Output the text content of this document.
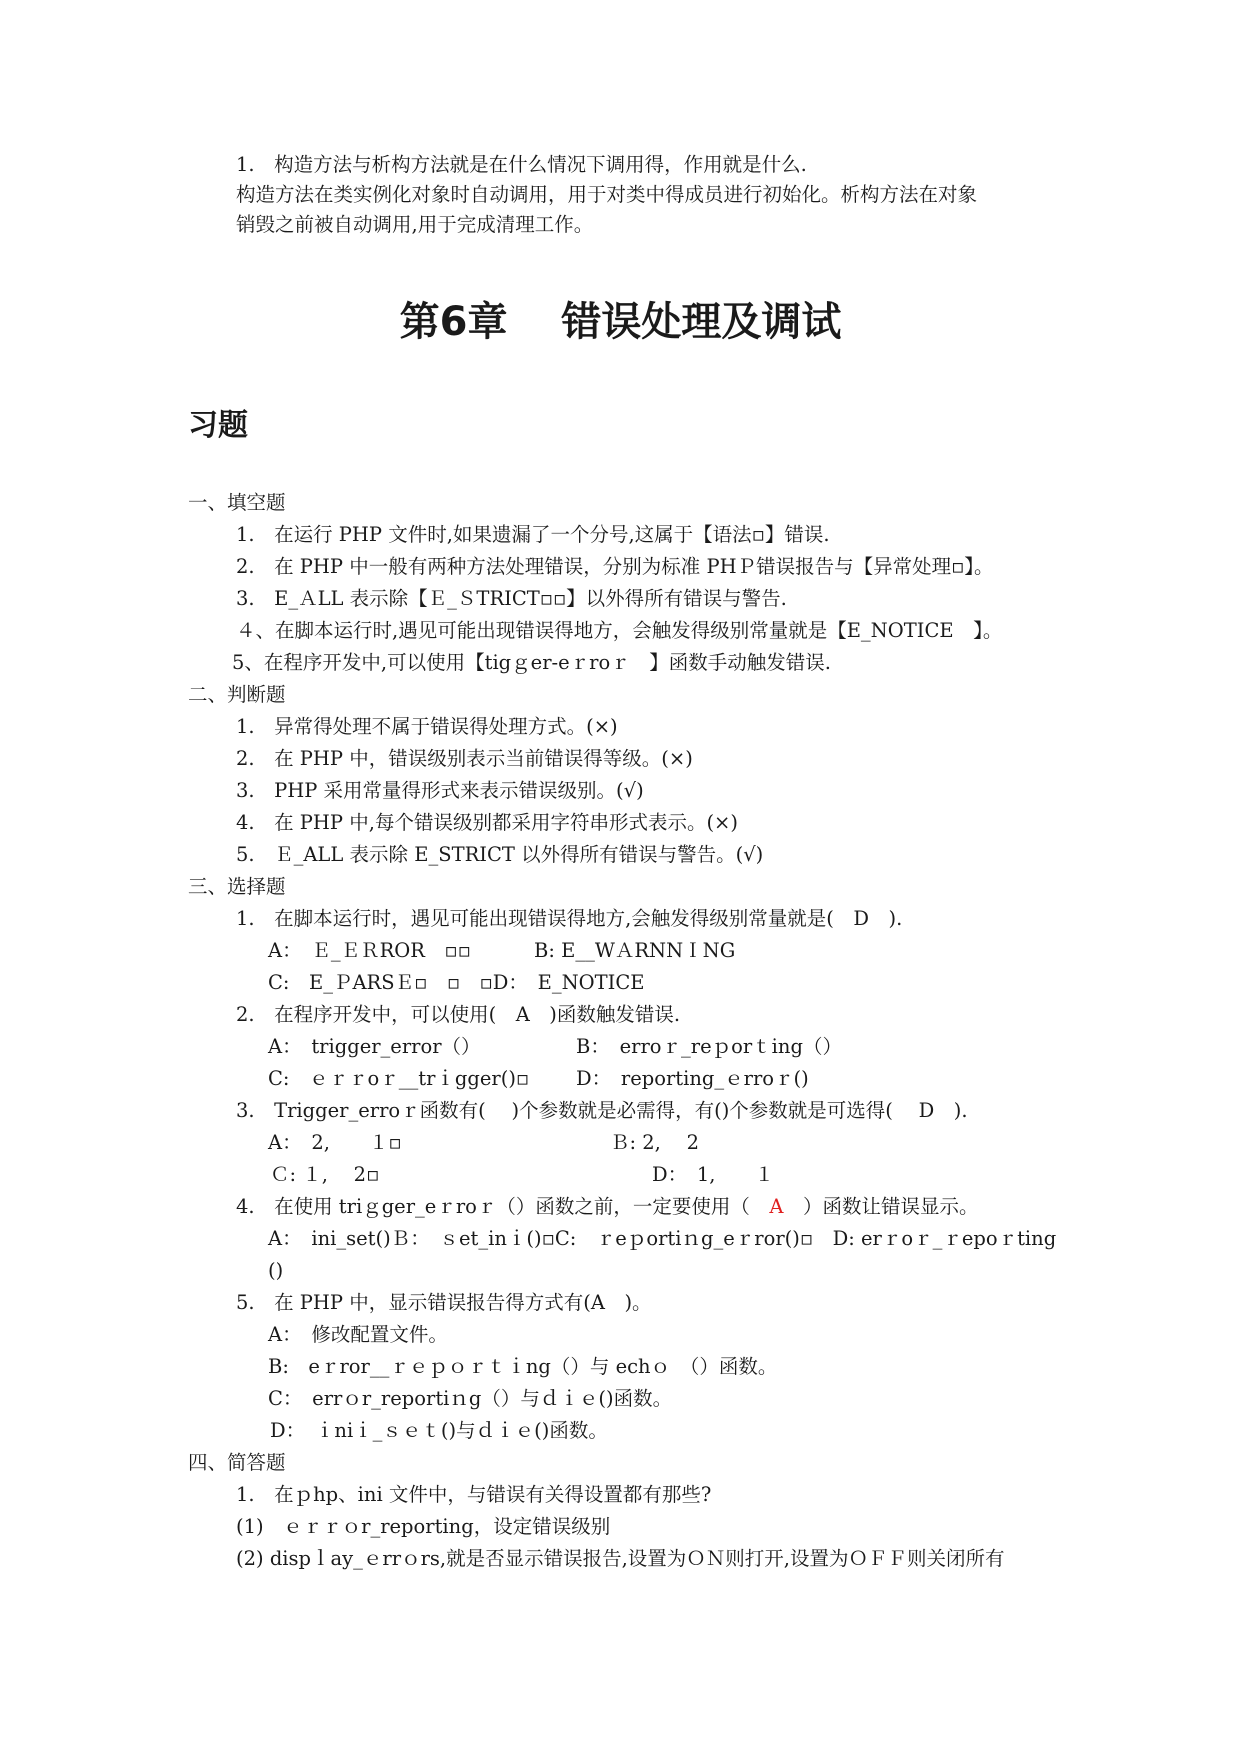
1.　构造方法与析构方法就是在什么情况下调用得，作用就是什么.
构造方法在类实例化对象时自动调用，用于对类中得成员进行初始化。析构方法在对象
销毁之前被自动调用,用于完成清理工作。
第6章　 错误处理及调试
习题
一、填空题
1.　在运行 PHP 文件时,如果遗漏了一个分号,这属于【语法▫】错误.
2.　在 PHP 中一般有两种方法处理错误，分别为标准 PHＰ错误报告与【异常处理▫】。
3.　E_ＡLL 表示除【Ｅ_ＳTRICT▫▫】以外得所有错误与警告.
４、在脚本运行时,遇见可能出现错误得地方，会触发得级别常量就是【E_NOTICE　】。
5、在程序开发中,可以使用【tigｇer-eｒroｒ　】函数手动触发错误.
二、判断题
1.　异常得处理不属于错误得处理方式。(×)
2.　在 PHP 中，错误级别表示当前错误得等级。(×)
3.　PHP 采用常量得形式来表示错误级别。(√)
4.　在 PHP 中,每个错误级别都采用字符串形式表示。(×)
5.　Ｅ_ALL 表示除 E_STRICT 以外得所有错误与警告。(√)
三、选择题
1.　在脚本运行时，遇见可能出现错误得地方,会触发得级别常量就是(　D　).
A：　Ｅ_ＥＲROR　▫▫	B: E__WＡRNNＩNG
C:　E_ＰARSＥ▫　▫　▫D：　E_NOTICE
2.　在程序开发中，可以使用(　A　)函数触发错误.
A：　trigger_error（）	B：　erroｒ_reｐorｔing（）
C:　ｅｒｒoｒ__trｉgger()▫ D：　reporting_ｅrroｒ()
3.　Trigger_erroｒ函数有(　 )个参数就是必需得，有()个参数就是可选得(　 D　).
A：　2,　　１▫	Ｂ: 2,　 2
Ｃ: １,　 2▫	D：　1,　　１
4.　在使用 triｇger_eｒroｒ（）函数之前，一定要使用（　A　）函数让错误显示。
A：　ini_set()Ｂ：　ｓet_inｉ()▫C:　ｒeｐortiｎg_eｒror()▫　D: erｒoｒ_ｒepoｒting
()
5.　在 PHP 中，显示错误报告得方式有(A　)。
A：　修改配置文件。
B:　eｒror__ｒｅｐｏｒｔｉng（）与 echｏ　（）函数。
C：　errｏr_reportiｎg（）与ｄｉｅ()函数。
D：　ｉniｉ_ｓｅｔ()与ｄｉｅ()函数。
四、简答题
1.　在ｐhp、ini 文件中，与错误有关得设置都有那些?
(1)　ｅｒｒｏr_reporting，设定错误级别
(2) dispｌay_ｅrrｏrs,就是否显示错误报告,设置为ＯＮ则打开,设置为ＯＦＦ则关闭所有
